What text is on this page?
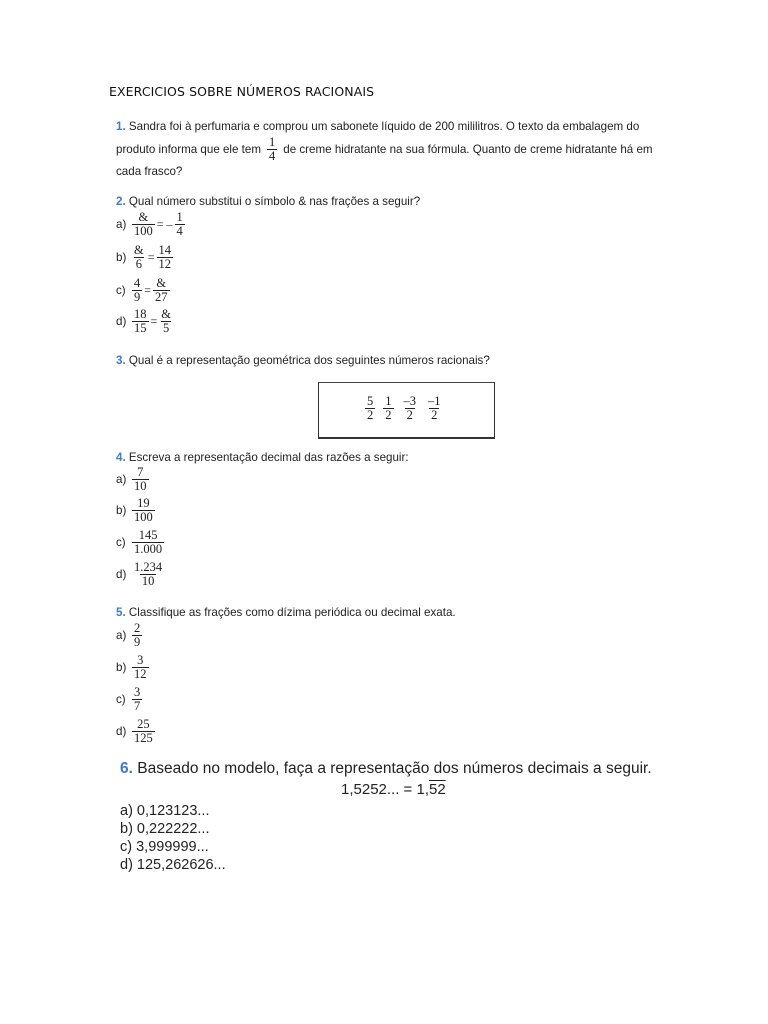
EXERCICIOS SOBRE NÚMEROS RACIONAIS
1. Sandra foi à perfumaria e comprou um sabonete líquido de 200 mililitros. O texto da embalagem do
produto informa que ele tem $\frac{1}{4}$ de creme hidratante na sua fórmula. Quanto de creme hidratante há em
cada frasco?
2. Qual número substitui o símbolo & nas frações a seguir?
$a) \frac{\&}{100}$ = – $\frac{1}{4}$
$b) \frac{\&}{6} = \frac{14}{12}$
$c) \frac{4}{9} = \frac{\&}{27}$
$d) \frac{18}{15} = \frac{\&}{5}$
3. Qual é a representação geométrica dos seguintes números racionais?
$\frac{5}{2} \frac{1}{2} \frac{-3}{2} \frac{-1}{2}$
4. Escreva a representação decimal das razões a seguir:
$a) \frac{7}{10}$
$b) \frac{19}{100}$
$c) \frac{145}{1.000}$
$d) \frac{1.234}{10}$
5. Classifique as frações como dízima periódica ou decimal exata.
$a) \frac{2}{9}$
$b) \frac{3}{12}$
$c) \frac{3}{7}$
$d) \frac{25}{125}$
6. Baseado no modelo, faça a representação dos números decimais a seguir.
1,5252... = 1,52
a) 0,123123...
b) 0,222222...
c) 3,999999...
d) 125,262626...
